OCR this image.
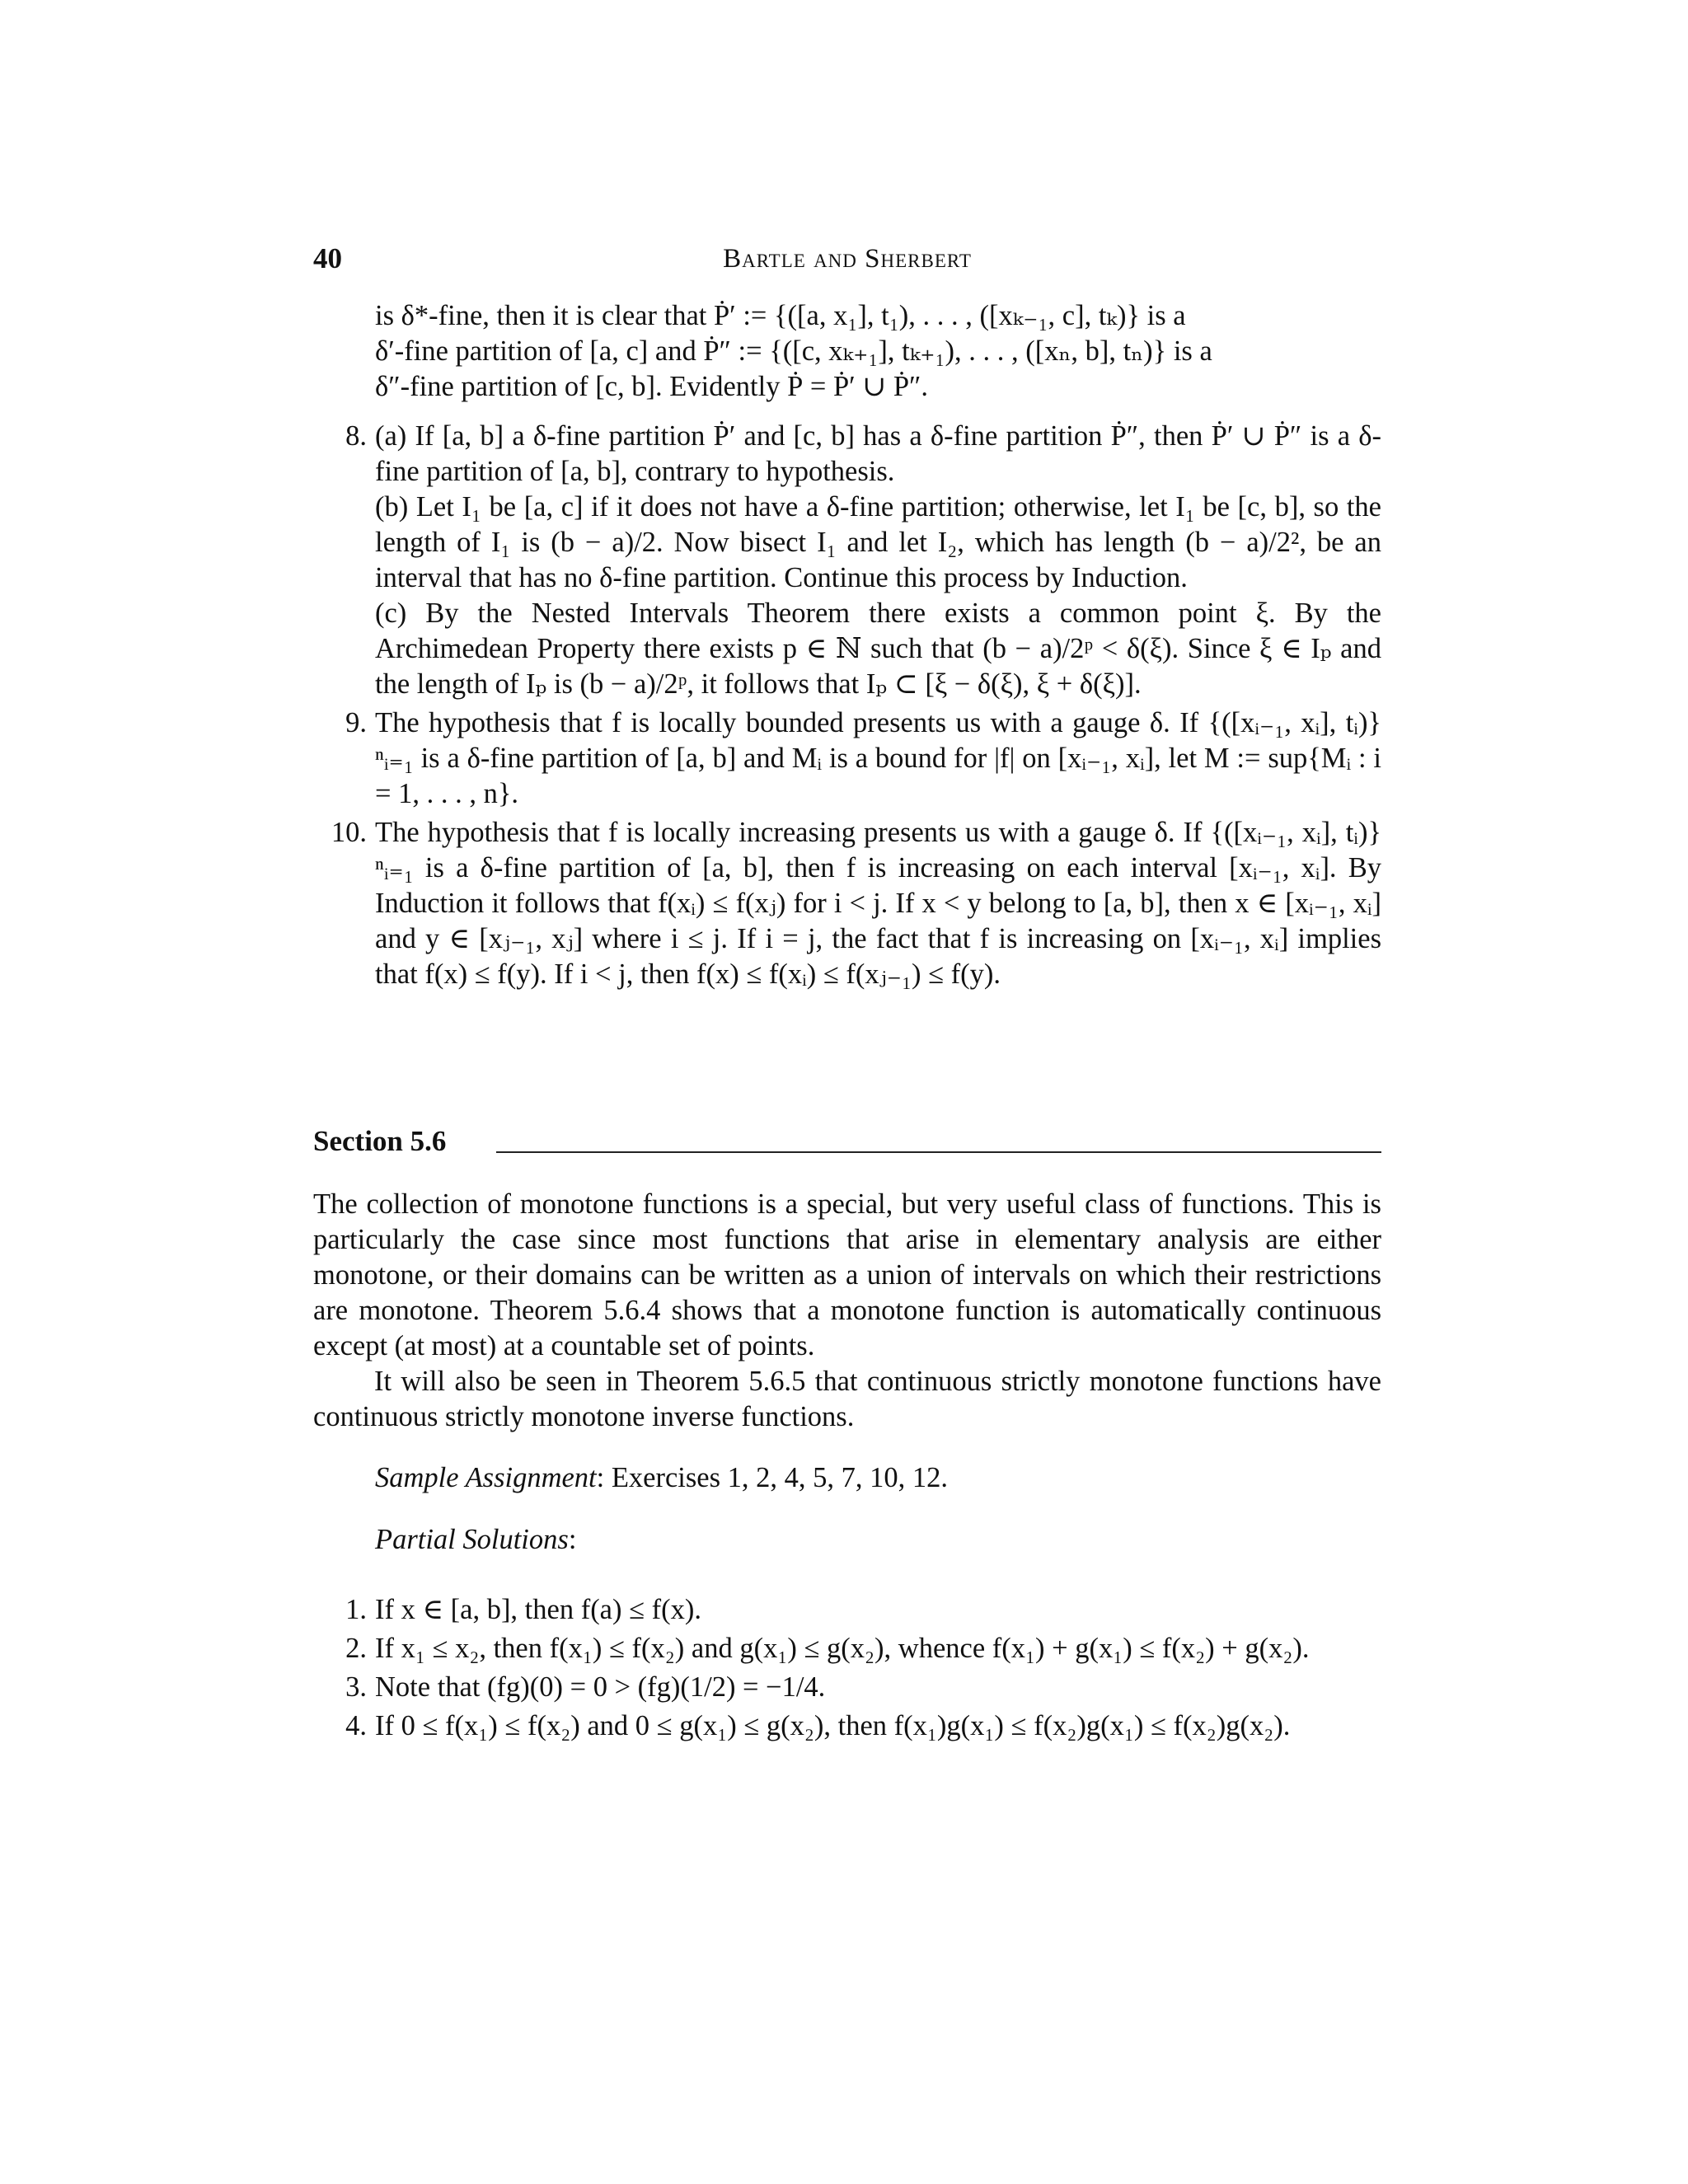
40	Bartle and Sherbert
is δ*-fine, then it is clear that Ṗ′ := {([a, x₁], t₁), . . . , ([xₖ₋₁, c], tₖ)} is a
δ′-fine partition of [a, c] and Ṗ″ := {([c, xₖ₊₁], tₖ₊₁), . . . , ([xₙ, b], tₙ)} is a
δ″-fine partition of [c, b]. Evidently Ṗ = Ṗ′ ∪ Ṗ″.
8. (a) If [a, b] a δ-fine partition Ṗ′ and [c, b] has a δ-fine partition Ṗ″, then Ṗ′ ∪ Ṗ″ is a δ-fine partition of [a, b], contrary to hypothesis.
(b) Let I₁ be [a, c] if it does not have a δ-fine partition; otherwise, let I₁ be [c, b], so the length of I₁ is (b − a)/2. Now bisect I₁ and let I₂, which has length (b − a)/2², be an interval that has no δ-fine partition. Continue this process by Induction.
(c) By the Nested Intervals Theorem there exists a common point ξ. By the Archimedean Property there exists p ∈ ℕ such that (b − a)/2ᵖ < δ(ξ). Since ξ ∈ Iₚ and the length of Iₚ is (b − a)/2ᵖ, it follows that Iₚ ⊂ [ξ − δ(ξ), ξ + δ(ξ)].
9. The hypothesis that f is locally bounded presents us with a gauge δ. If {([xᵢ₋₁, xᵢ], tᵢ)}ⁿᵢ₌₁ is a δ-fine partition of [a, b] and Mᵢ is a bound for |f| on [xᵢ₋₁, xᵢ], let M := sup{Mᵢ : i = 1, . . . , n}.
10. The hypothesis that f is locally increasing presents us with a gauge δ. If {([xᵢ₋₁, xᵢ], tᵢ)}ⁿᵢ₌₁ is a δ-fine partition of [a, b], then f is increasing on each interval [xᵢ₋₁, xᵢ]. By Induction it follows that f(xᵢ) ≤ f(xⱼ) for i < j. If x < y belong to [a, b], then x ∈ [xᵢ₋₁, xᵢ] and y ∈ [xⱼ₋₁, xⱼ] where i ≤ j. If i = j, the fact that f is increasing on [xᵢ₋₁, xᵢ] implies that f(x) ≤ f(y). If i < j, then f(x) ≤ f(xᵢ) ≤ f(xⱼ₋₁) ≤ f(y).
Section 5.6

The collection of monotone functions is a special, but very useful class of functions. This is particularly the case since most functions that arise in elementary analysis are either monotone, or their domains can be written as a union of intervals on which their restrictions are monotone. Theorem 5.6.4 shows that a monotone function is automatically continuous except (at most) at a countable set of points.

It will also be seen in Theorem 5.6.5 that continuous strictly monotone functions have continuous strictly monotone inverse functions.

Sample Assignment: Exercises 1, 2, 4, 5, 7, 10, 12.
Partial Solutions:
1. If x ∈ [a, b], then f(a) ≤ f(x).
2. If x₁ ≤ x₂, then f(x₁) ≤ f(x₂) and g(x₁) ≤ g(x₂), whence f(x₁) + g(x₁) ≤ f(x₂) + g(x₂).
3. Note that (fg)(0) = 0 > (fg)(1/2) = −1/4.
4. If 0 ≤ f(x₁) ≤ f(x₂) and 0 ≤ g(x₁) ≤ g(x₂), then f(x₁)g(x₁) ≤ f(x₂)g(x₁) ≤ f(x₂)g(x₂).
